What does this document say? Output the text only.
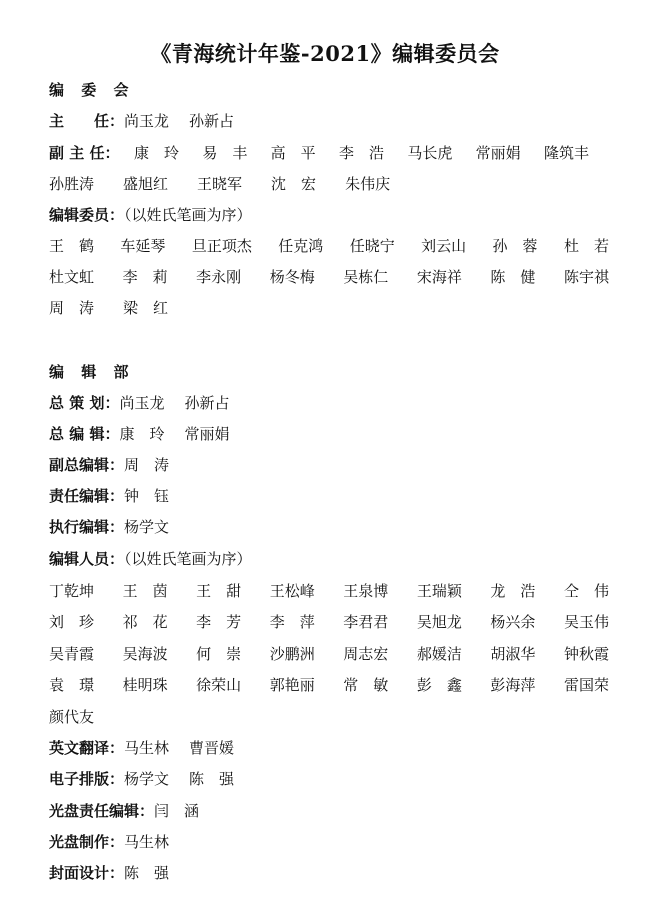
《青海统计年鉴-2021》编辑委员会
编 委 会
主　　任：尚玉龙 孙新占
副 主 任： 康　玲 易　丰 高　平 李　浩 马长虎 常丽娟 隆筑丰
孙胜涛 盛旭红 王晓军 沈　宏 朱伟庆
编辑委员：（以姓氏笔画为序）
王　鹤 车延琴 旦正项杰 任克鸿 任晓宁 刘云山 孙　蓉 杜　若
杜文虹 李　莉 李永刚 杨冬梅 吴栋仁 宋海祥 陈　健 陈宇祺
周　涛 梁　红
编 辑 部
总 策 划：尚玉龙 孙新占
总 编 辑：康　玲 常丽娟
副总编辑：周　涛
责任编辑：钟　钰
执行编辑：杨学文
编辑人员：（以姓氏笔画为序）
丁乾坤 王　茵 王　甜 王松峰 王泉博 王瑞颖 龙　浩 仝　伟
刘　珍 祁　花 李　芳 李　萍 李君君 吴旭龙 杨兴余 吴玉伟
吴青霞 吴海波 何　崇 沙鹏洲 周志宏 郝媛洁 胡淑华 钟秋霞
袁　璟 桂明珠 徐荣山 郭艳丽 常　敏 彭　鑫 彭海萍 雷国荣
颜代友
英文翻译：马生林 曹晋媛
电子排版：杨学文 陈　强
光盘责任编辑：闫　涵
光盘制作：马生林
封面设计：陈　强
